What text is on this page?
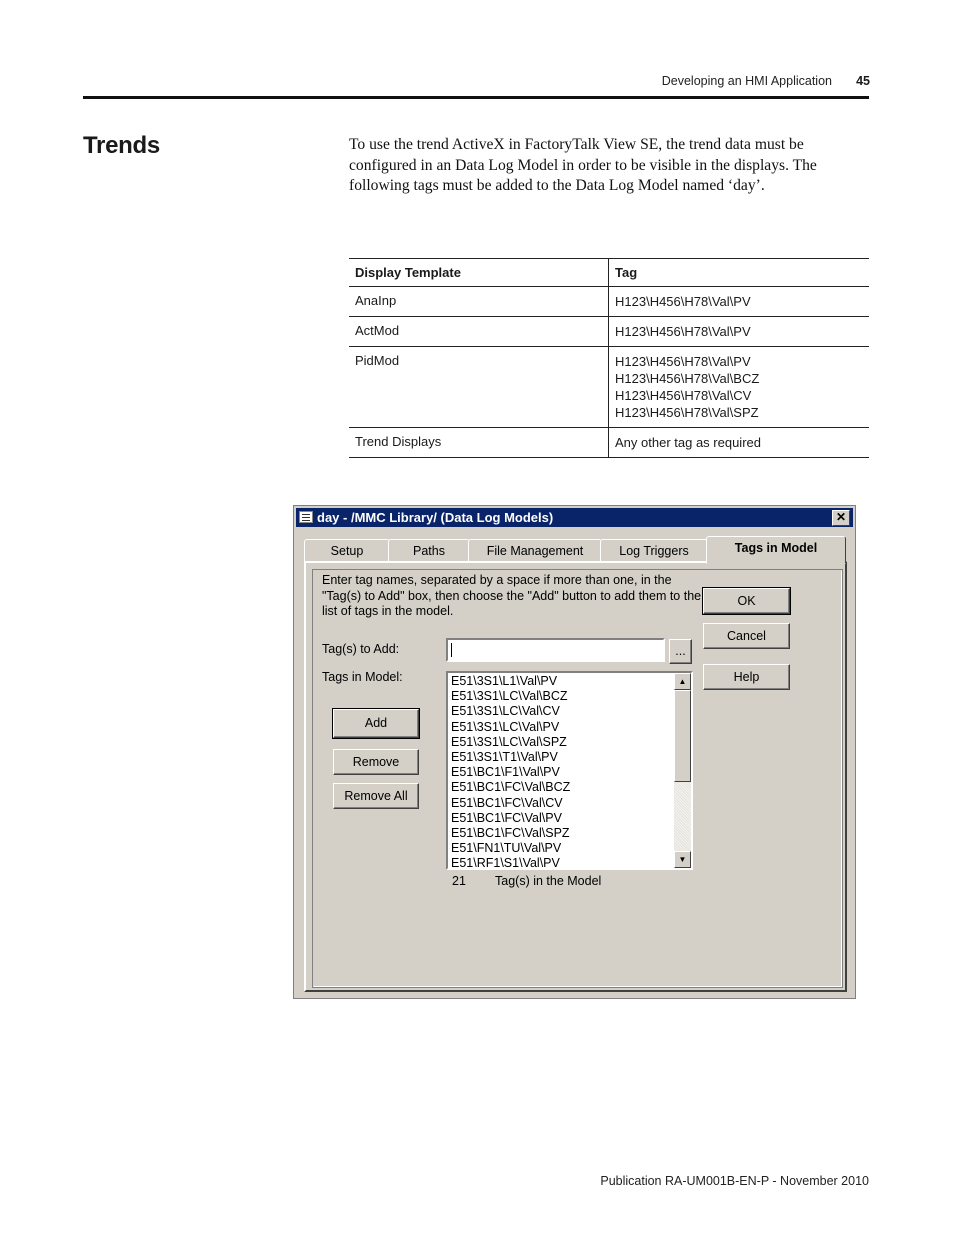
Developing an HMI Application	45
Trends	To use the trend ActiveX in FactoryTalk View SE, the trend data must be configured in an Data Log Model in order to be visible in the displays. The following tags must be added to the Data Log Model named ‘day’.
Display Template	Tag
AnaInp	H123\H456\H78\Val\PV

ActMod	H123\H456\H78\Val\PV

PidMod	H123\H456\H78\Val\PV
H123\H456\H78\Val\BCZ
H123\H456\H78\Val\CV
H123\H456\H78\Val\SPZ

Trend Displays	Any other tag as required
day - /MMC Library/ (Data Log Models)	✕
Setup	Paths	File Management	Log Triggers	Tags in Model
Enter tag names, separated by a space if more than one, in the "Tag(s) to Add" box, then choose the "Add" button to add them to the list of tags in the model.
OK
Cancel
Help
Tag(s) to Add:	...
Tags in Model:	E51\3S1\L1\Val\PV
E51\3S1\LC\Val\BCZ
E51\3S1\LC\Val\CV
E51\3S1\LC\Val\PV
E51\3S1\LC\Val\SPZ
E51\3S1\T1\Val\PV
E51\BC1\F1\Val\PV
E51\BC1\FC\Val\BCZ
E51\BC1\FC\Val\CV
E51\BC1\FC\Val\PV
E51\BC1\FC\Val\SPZ
E51\FN1\TU\Val\PV
E51\RF1\S1\Val\PV
▲
▼
Add
Remove
Remove All
21 Tag(s) in the Model
Publication RA-UM001B-EN-P - November 2010
